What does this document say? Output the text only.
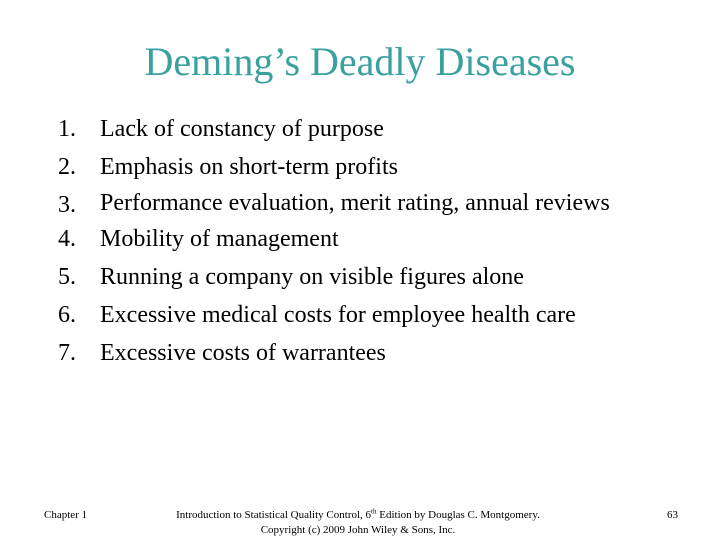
Deming’s Deadly Diseases
1.	Lack of constancy of purpose
2.	Emphasis on short-term profits
3.	Performance evaluation, merit rating, annual reviews
4.	Mobility of management
5.	Running a company on visible figures alone
6.	Excessive medical costs for employee health care
7.	Excessive costs of warrantees
Chapter 1	Introduction to Statistical Quality Control, 6th Edition by Douglas C. Montgomery.
Copyright (c) 2009 John Wiley & Sons, Inc.
63
